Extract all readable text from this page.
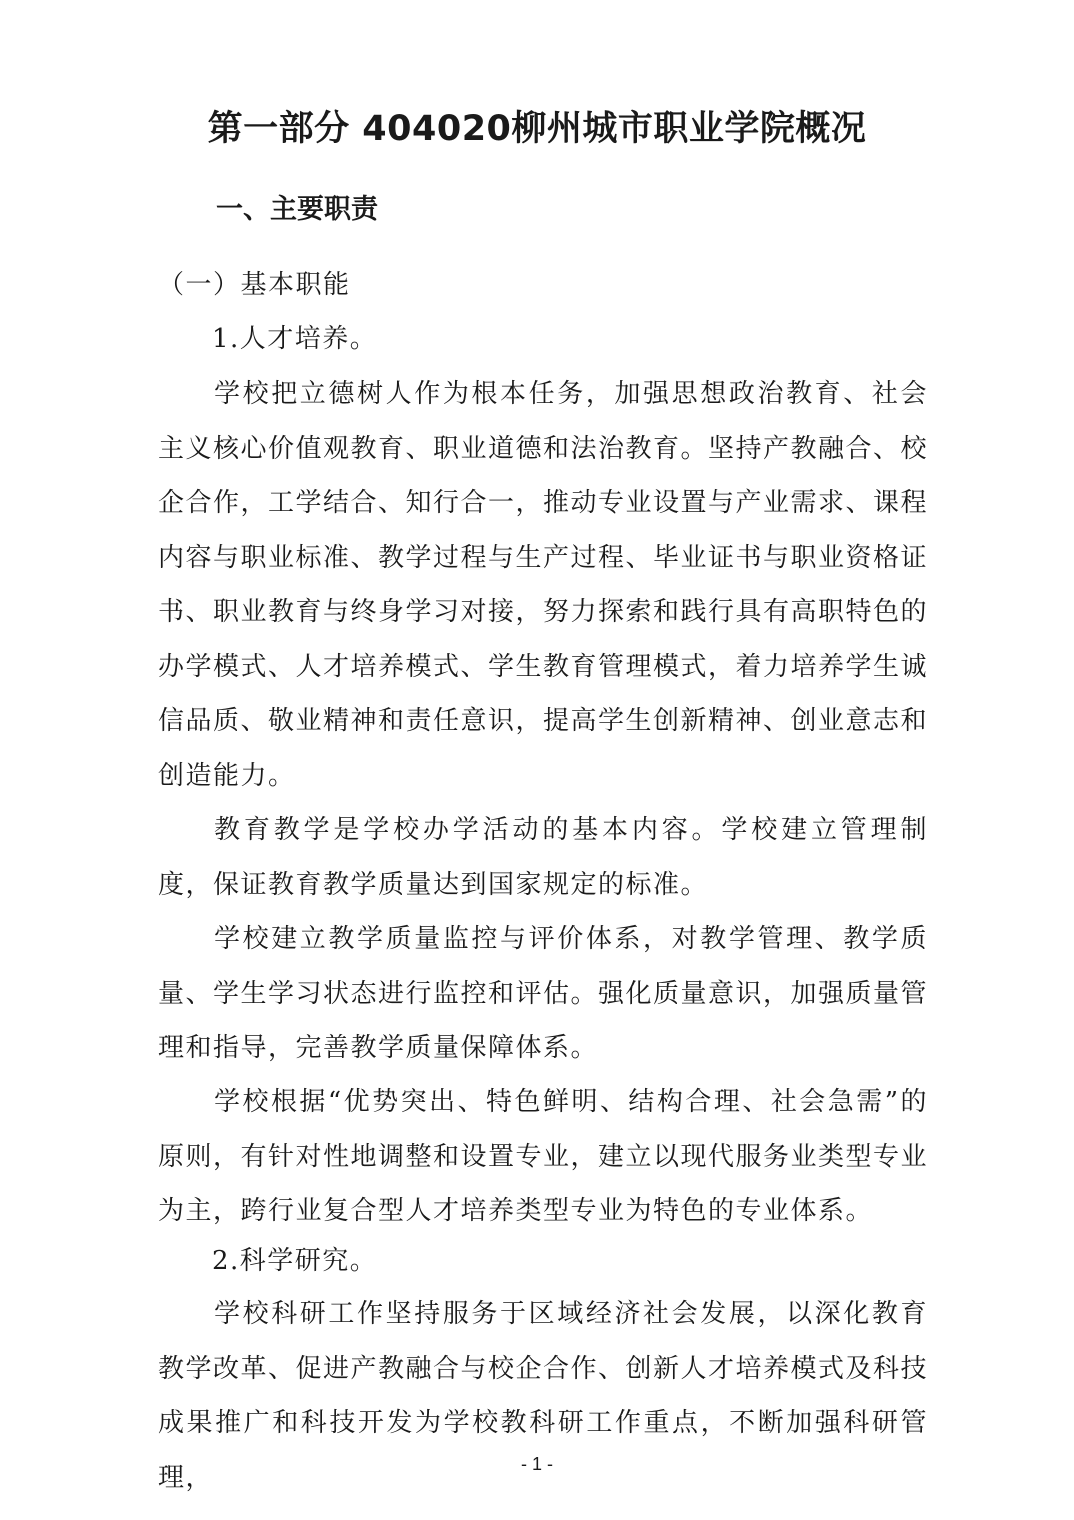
第一部分 404020柳州城市职业学院概况
一、主要职责

（一）基本职能

1.人才培养。

学校把立德树人作为根本任务，加强思想政治教育、社会主义核心价值观教育、职业道德和法治教育。坚持产教融合、校企合作，工学结合、知行合一，推动专业设置与产业需求、课程内容与职业标准、教学过程与生产过程、毕业证书与职业资格证书、职业教育与终身学习对接，努力探索和践行具有高职特色的办学模式、人才培养模式、学生教育管理模式，着力培养学生诚信品质、敬业精神和责任意识，提高学生创新精神、创业意志和创造能力。

教育教学是学校办学活动的基本内容。学校建立管理制度，保证教育教学质量达到国家规定的标准。

学校建立教学质量监控与评价体系，对教学管理、教学质量、学生学习状态进行监控和评估。强化质量意识，加强质量管理和指导，完善教学质量保障体系。

学校根据“优势突出、特色鲜明、结构合理、社会急需”的原则，有针对性地调整和设置专业，建立以现代服务业类型专业为主，跨行业复合型人才培养类型专业为特色的专业体系。

2.科学研究。

学校科研工作坚持服务于区域经济社会发展，以深化教育教学改革、促进产教融合与校企合作、创新人才培养模式及科技成果推广和科技开发为学校教科研工作重点，不断加强科研管理，	- 1 -
